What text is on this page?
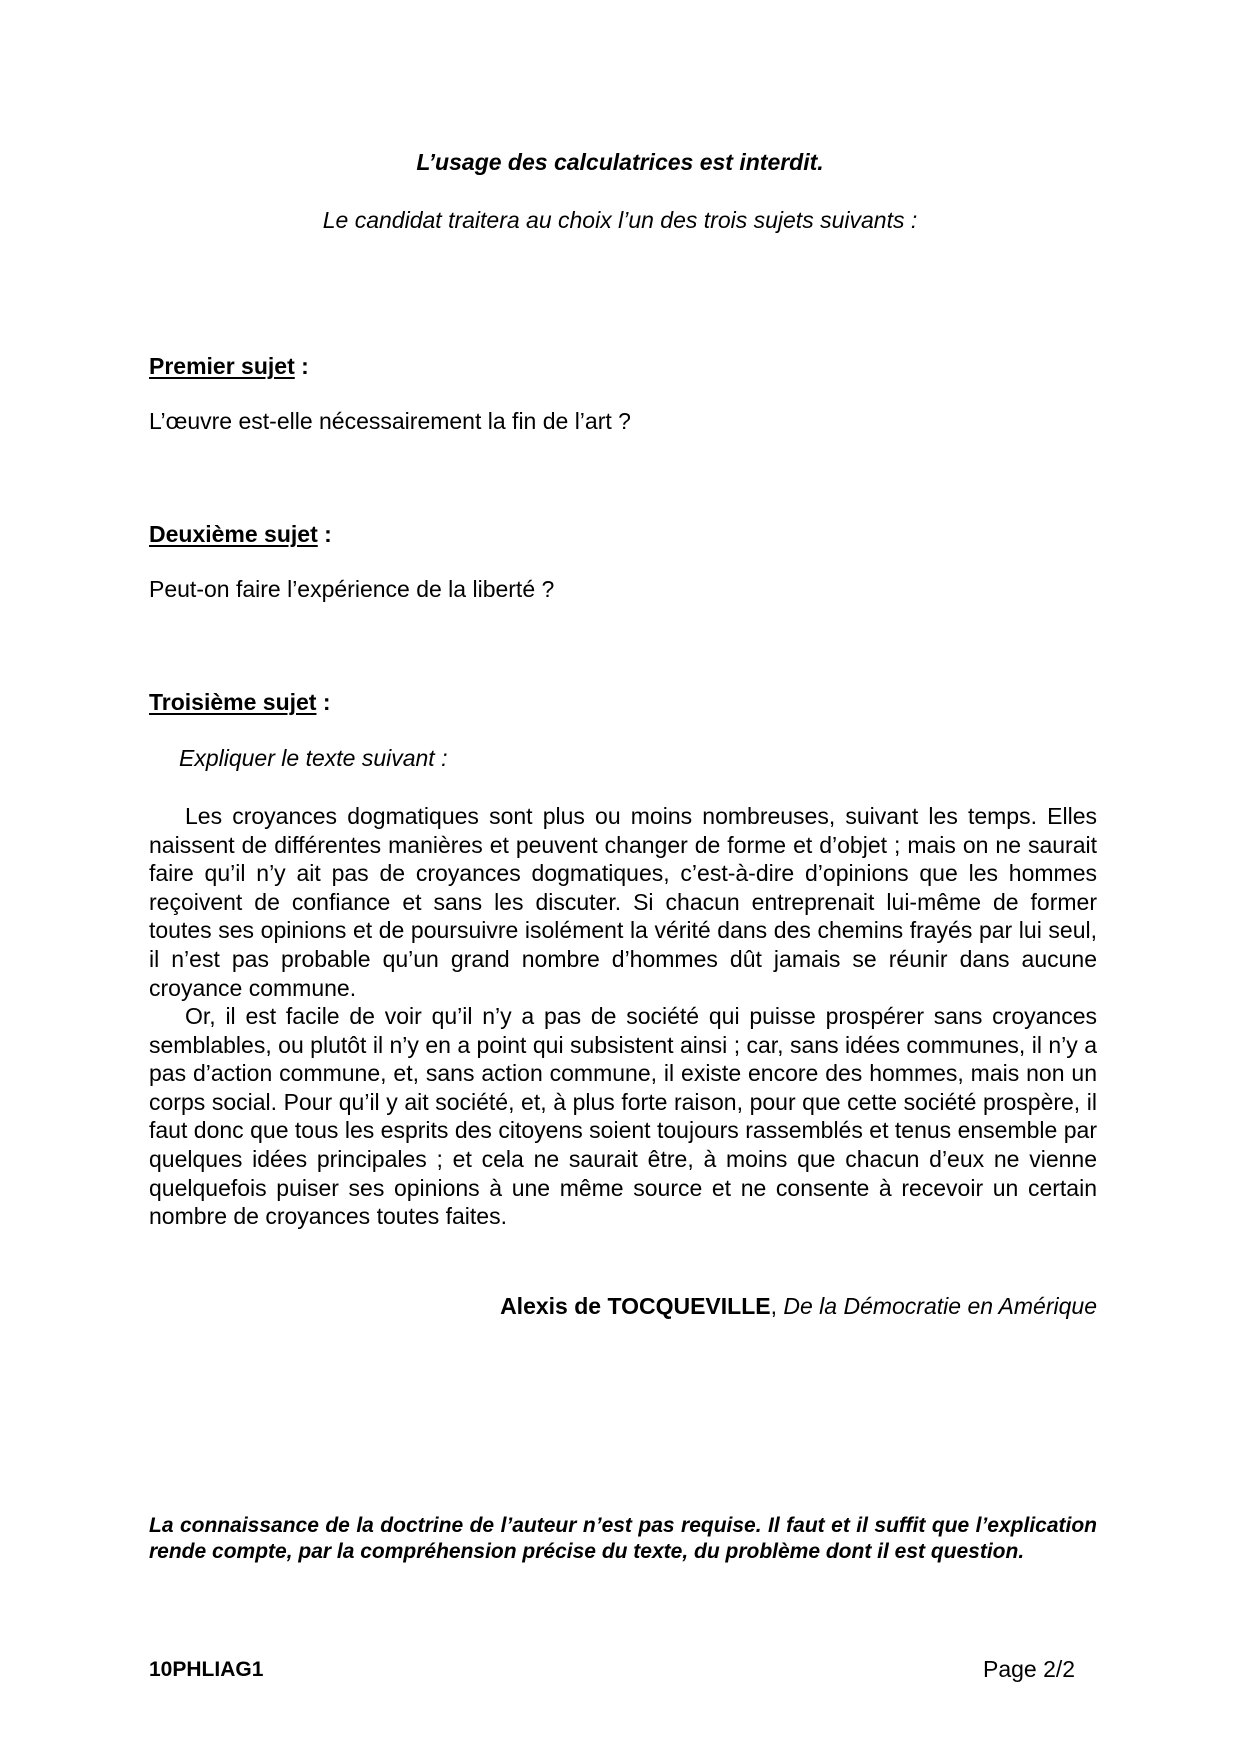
L’usage des calculatrices est interdit.
Le candidat traitera au choix l’un des trois sujets suivants :
Premier sujet :
L’œuvre est-elle nécessairement la fin de l’art ?
Deuxième sujet :
Peut-on faire l’expérience de la liberté ?
Troisième sujet :
Expliquer le texte suivant :

Les croyances dogmatiques sont plus ou moins nombreuses, suivant les temps. Elles naissent de différentes manières et peuvent changer de forme et d’objet ; mais on ne saurait faire qu’il n’y ait pas de croyances dogmatiques, c’est-à-dire d’opinions que les hommes reçoivent de confiance et sans les discuter. Si chacun entreprenait lui-même de former toutes ses opinions et de poursuivre isolément la vérité dans des chemins frayés par lui seul, il n’est pas probable qu’un grand nombre d’hommes dût jamais se réunir dans aucune croyance commune.

Or, il est facile de voir qu’il n’y a pas de société qui puisse prospérer sans croyances semblables, ou plutôt il n’y en a point qui subsistent ainsi ; car, sans idées communes, il n’y a pas d’action commune, et, sans action commune, il existe encore des hommes, mais non un corps social. Pour qu’il y ait société, et, à plus forte raison, pour que cette société prospère, il faut donc que tous les esprits des citoyens soient toujours rassemblés et tenus ensemble par quelques idées principales ; et cela ne saurait être, à moins que chacun d’eux ne vienne quelquefois puiser ses opinions à une même source et ne consente à recevoir un certain nombre de croyances toutes faites.

Alexis de TOCQUEVILLE, De la Démocratie en Amérique

La connaissance de la doctrine de l’auteur n’est pas requise. Il faut et il suffit que l’explication rende compte, par la compréhension précise du texte, du problème dont il est question.

10PHLIAG1	Page 2/2
